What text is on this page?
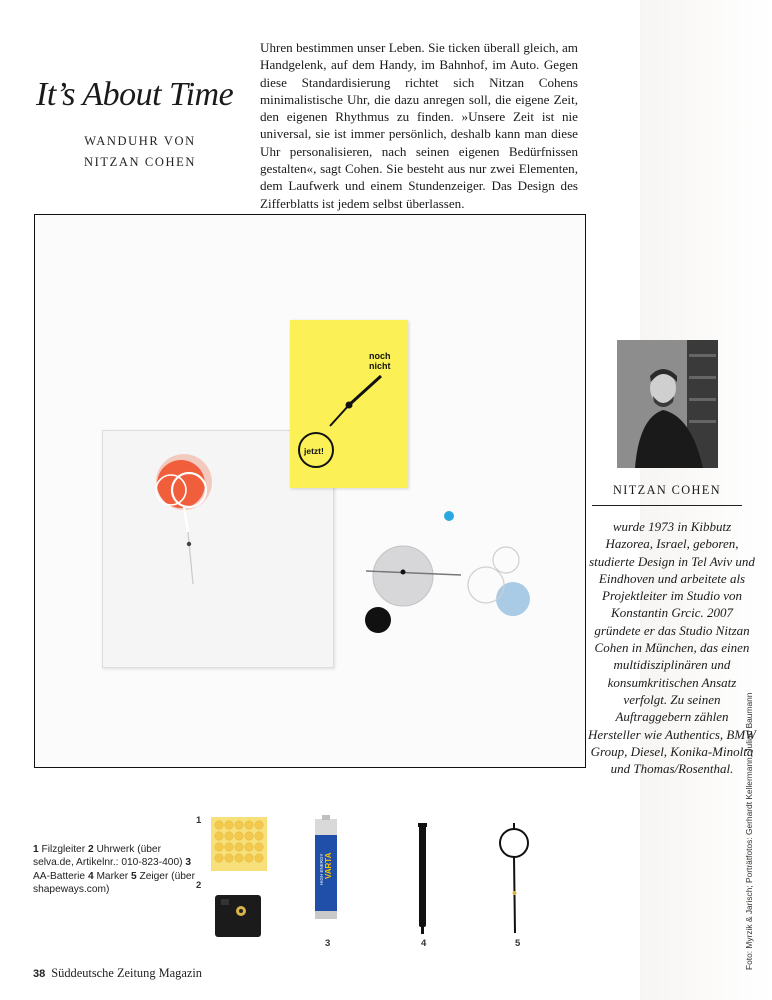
It’s About Time
WANDUHR VON
NITZAN COHEN
Uhren bestimmen unser Leben. Sie ticken überall gleich, am Handgelenk, auf dem Handy, im Bahnhof, im Auto. Gegen diese Standardisierung richtet sich Nitzan Cohens minimalistische Uhr, die dazu anregen soll, die eigene Zeit, den eigenen Rhythmus zu finden. »Unsere Zeit ist nie universal, sie ist immer persönlich, deshalb kann man diese Uhr personalisieren, nach seinen eigenen Bedürfnissen gestalten«, sagt Cohen. Sie besteht aus nur zwei Elementen, dem Laufwerk und einem Stundenzeiger. Das Design des Zifferblatts ist jedem selbst überlassen.
noch
nicht
jetzt!
NITZAN COHEN
wurde 1973 in Kibbutz Hazorea, Israel, geboren, studierte Design in Tel Aviv und Eindhoven und arbeitete als Projektleiter im Studio von Konstantin Grcic. 2007 gründete er das Studio Nitzan Cohen in München, das einen multidisziplinären und konsumkritischen Ansatz verfolgt. Zu seinen Auftraggebern zählen Hersteller wie Authentics, BMW Group, Diesel, Konika-Minolta und Thomas/Rosenthal.	Foto: Myrzik & Jarisch; Porträtfotos: Gerhardt Kellermann, Julian Baumann
1 Filzgleiter 2 Uhrwerk (über selva.de, Artikelnr.: 010-823-400) 3 AA-Batterie 4 Marker 5 Zeiger (über shapeways.com)
1
2
3	4	5
VARTA
HIGH ENERGY
38 Süddeutsche Zeitung Magazin
